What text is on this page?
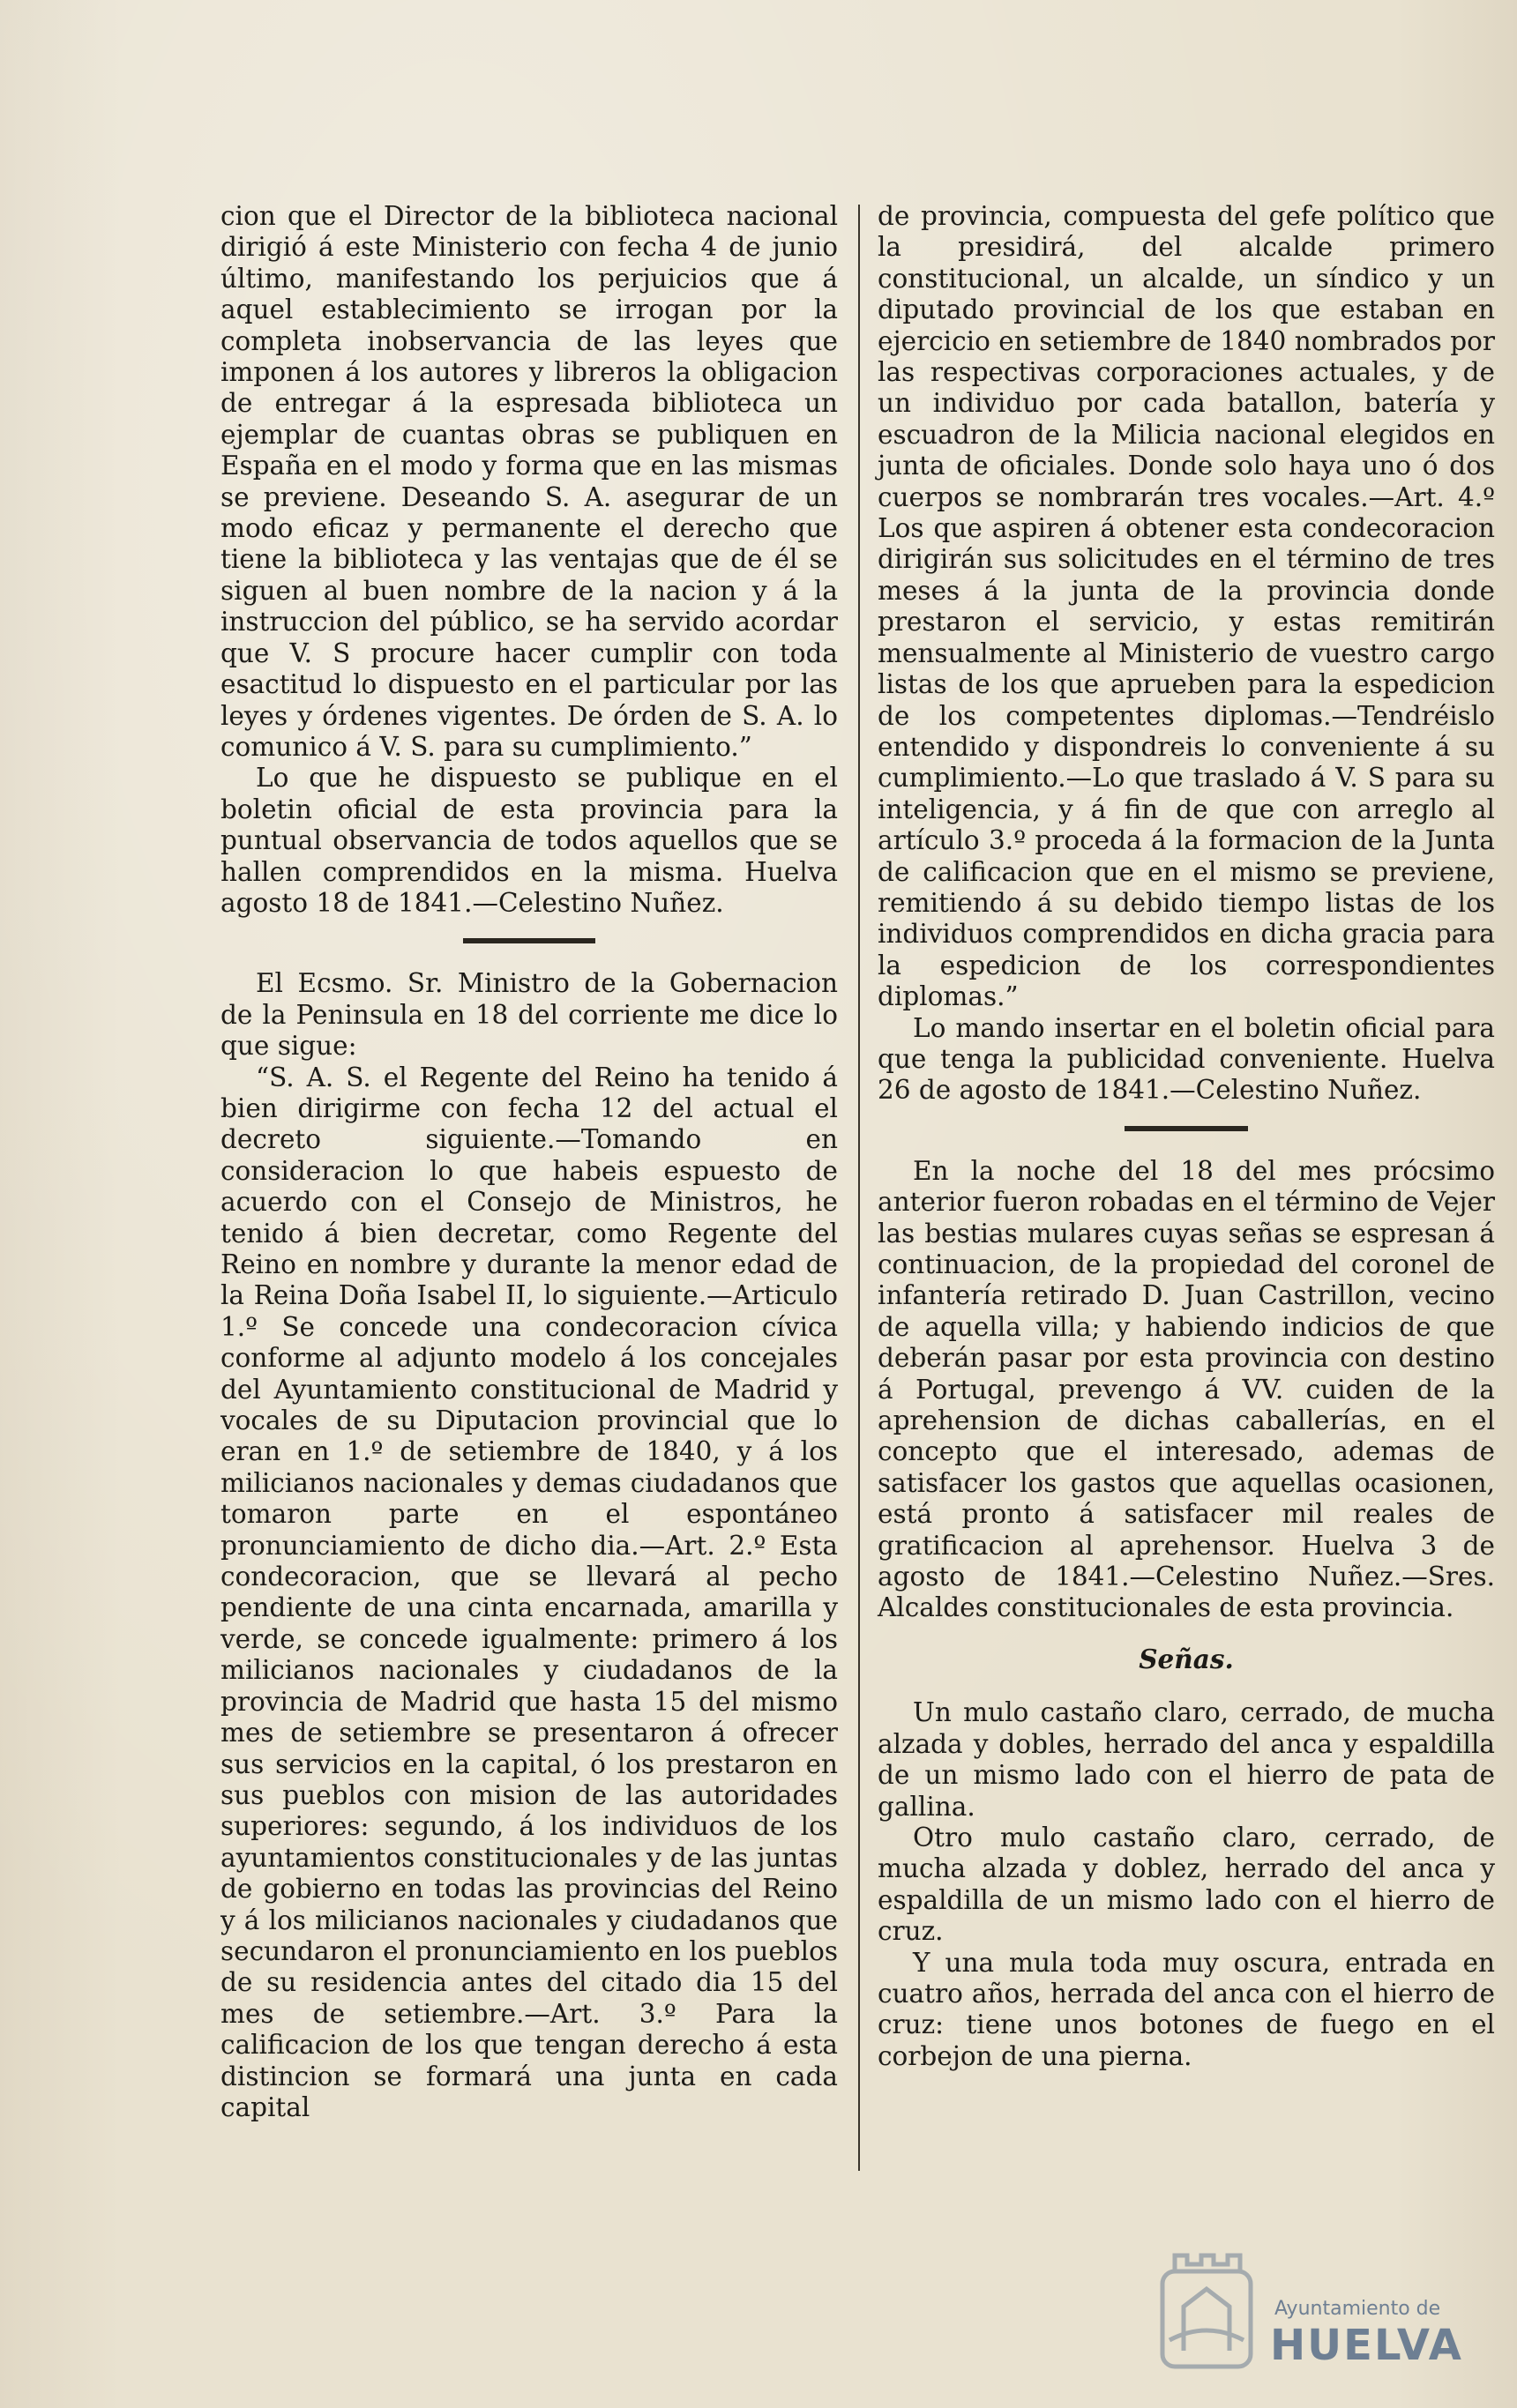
cion que el Director de la biblioteca nacional dirigió á este Ministerio con fecha 4 de junio último, manifestando los perjuicios que á aquel establecimiento se irrogan por la completa inobservancia de las leyes que imponen á los autores y libreros la obligacion de entregar á la espresada biblioteca un ejemplar de cuantas obras se publiquen en España en el modo y forma que en las mismas se previene. Deseando S. A. asegurar de un modo eficaz y permanente el derecho que tiene la biblioteca y las ventajas que de él se siguen al buen nombre de la nacion y á la instruccion del público, se ha servido acordar que V. S procure hacer cumplir con toda esactitud lo dispuesto en el particular por las leyes y órdenes vigentes. De órden de S. A. lo comunico á V. S. para su cumplimiento.”

Lo que he dispuesto se publique en el boletin oficial de esta provincia para la puntual observancia de todos aquellos que se hallen comprendidos en la misma. Huelva agosto 18 de 1841.—Celestino Nuñez.

El Ecsmo. Sr. Ministro de la Gobernacion de la Peninsula en 18 del corriente me dice lo que sigue:

“S. A. S. el Regente del Reino ha tenido á bien dirigirme con fecha 12 del actual el decreto siguiente.—Tomando en consideracion lo que habeis espuesto de acuerdo con el Consejo de Ministros, he tenido á bien decretar, como Regente del Reino en nombre y durante la menor edad de la Reina Doña Isabel II, lo siguiente.—Articulo 1.º Se concede una condecoracion cívica conforme al adjunto modelo á los concejales del Ayuntamiento constitucional de Madrid y vocales de su Diputacion provincial que lo eran en 1.º de setiembre de 1840, y á los milicianos nacionales y demas ciudadanos que tomaron parte en el espontáneo pronunciamiento de dicho dia.—Art. 2.º Esta condecoracion, que se llevará al pecho pendiente de una cinta encarnada, amarilla y verde, se concede igualmente: primero á los milicianos nacionales y ciudadanos de la provincia de Madrid que hasta 15 del mismo mes de setiembre se presentaron á ofrecer sus servicios en la capital, ó los prestaron en sus pueblos con mision de las autoridades superiores: segundo, á los individuos de los ayuntamientos constitucionales y de las juntas de gobierno en todas las provincias del Reino y á los milicianos nacionales y ciudadanos que secundaron el pronunciamiento en los pueblos de su residencia antes del citado dia 15 del mes de setiembre.—Art. 3.º Para la calificacion de los que tengan derecho á esta distincion se formará una junta en cada capital

de provincia, compuesta del gefe político que la presidirá, del alcalde primero constitucional, un alcalde, un síndico y un diputado provincial de los que estaban en ejercicio en setiembre de 1840 nombrados por las respectivas corporaciones actuales, y de un individuo por cada batallon, batería y escuadron de la Milicia nacional elegidos en junta de oficiales. Donde solo haya uno ó dos cuerpos se nombrarán tres vocales.—Art. 4.º Los que aspiren á obtener esta condecoracion dirigirán sus solicitudes en el término de tres meses á la junta de la provincia donde prestaron el servicio, y estas remitirán mensualmente al Ministerio de vuestro cargo listas de los que aprueben para la espedicion de los competentes diplomas.—Tendréislo entendido y dispondreis lo conveniente á su cumplimiento.—Lo que traslado á V. S para su inteligencia, y á fin de que con arreglo al artículo 3.º proceda á la formacion de la Junta de calificacion que en el mismo se previene, remitiendo á su debido tiempo listas de los individuos comprendidos en dicha gracia para la espedicion de los correspondientes diplomas.”

Lo mando insertar en el boletin oficial para que tenga la publicidad conveniente. Huelva 26 de agosto de 1841.—Celestino Nuñez.

En la noche del 18 del mes prócsimo anterior fueron robadas en el término de Vejer las bestias mulares cuyas señas se espresan á continuacion, de la propiedad del coronel de infantería retirado D. Juan Castrillon, vecino de aquella villa; y habiendo indicios de que deberán pasar por esta provincia con destino á Portugal, prevengo á VV. cuiden de la aprehension de dichas caballerías, en el concepto que el interesado, ademas de satisfacer los gastos que aquellas ocasionen, está pronto á satisfacer mil reales de gratificacion al aprehensor. Huelva 3 de agosto de 1841.—Celestino Nuñez.—Sres. Alcaldes constitucionales de esta provincia.

Señas.

Un mulo castaño claro, cerrado, de mucha alzada y dobles, herrado del anca y espaldilla de un mismo lado con el hierro de pata de gallina.

Otro mulo castaño claro, cerrado, de mucha alzada y doblez, herrado del anca y espaldilla de un mismo lado con el hierro de cruz.

Y una mula toda muy oscura, entrada en cuatro años, herrada del anca con el hierro de cruz: tiene unos botones de fuego en el corbejon de una pierna.

Ayuntamiento de
HUELVA
